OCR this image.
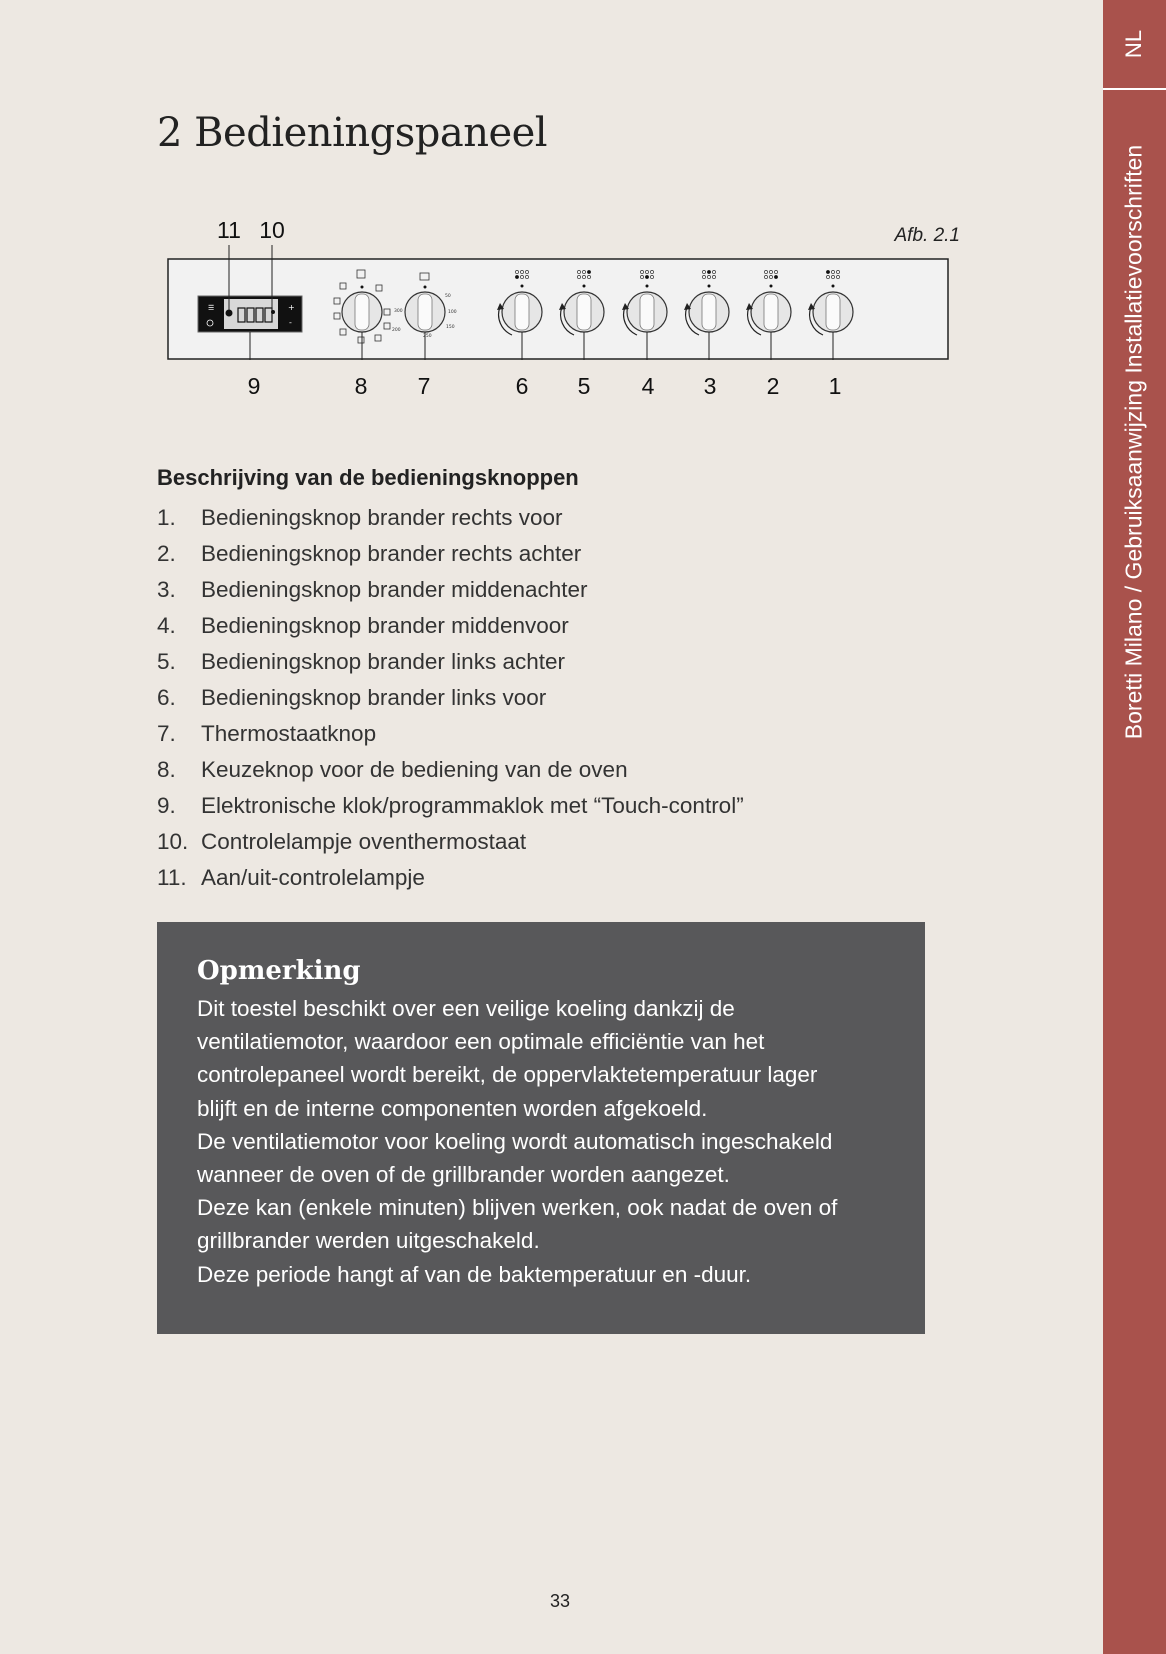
NL
Boretti Milano / Gebruiksaanwijzing Installatievoorschriften
2 Bedieningspaneel
☰	+
-
50
100
150
200
250
300
Afb. 2.1
11 10
9	8 7	6 5 4 3 2 1
Beschrijving van de bedieningsknoppen
1.	Bedieningsknop brander rechts voor
2.	Bedieningsknop brander rechts achter
3.	Bedieningsknop brander middenachter
4.	Bedieningsknop brander middenvoor
5.	Bedieningsknop brander links achter
6.	Bedieningsknop brander links voor
7.	Thermostaatknop
8.	Keuzeknop voor de bediening van de oven
9.	Elektronische klok/programmaklok met “Touch-control”
10. Controlelampje oventhermostaat
11. Aan/uit-controlelampje
Opmerking

Dit toestel beschikt over een veilige koeling dankzij de
ventilatiemotor, waardoor een optimale efficiëntie van het
controlepaneel wordt bereikt, de oppervlaktetemperatuur lager
blijft en de interne componenten worden afgekoeld.
De ventilatiemotor voor koeling wordt automatisch ingeschakeld
wanneer de oven of de grillbrander worden aangezet.
Deze kan (enkele minuten) blijven werken, ook nadat de oven of
grillbrander werden uitgeschakeld.
Deze periode hangt af van de baktemperatuur en -duur.

33
